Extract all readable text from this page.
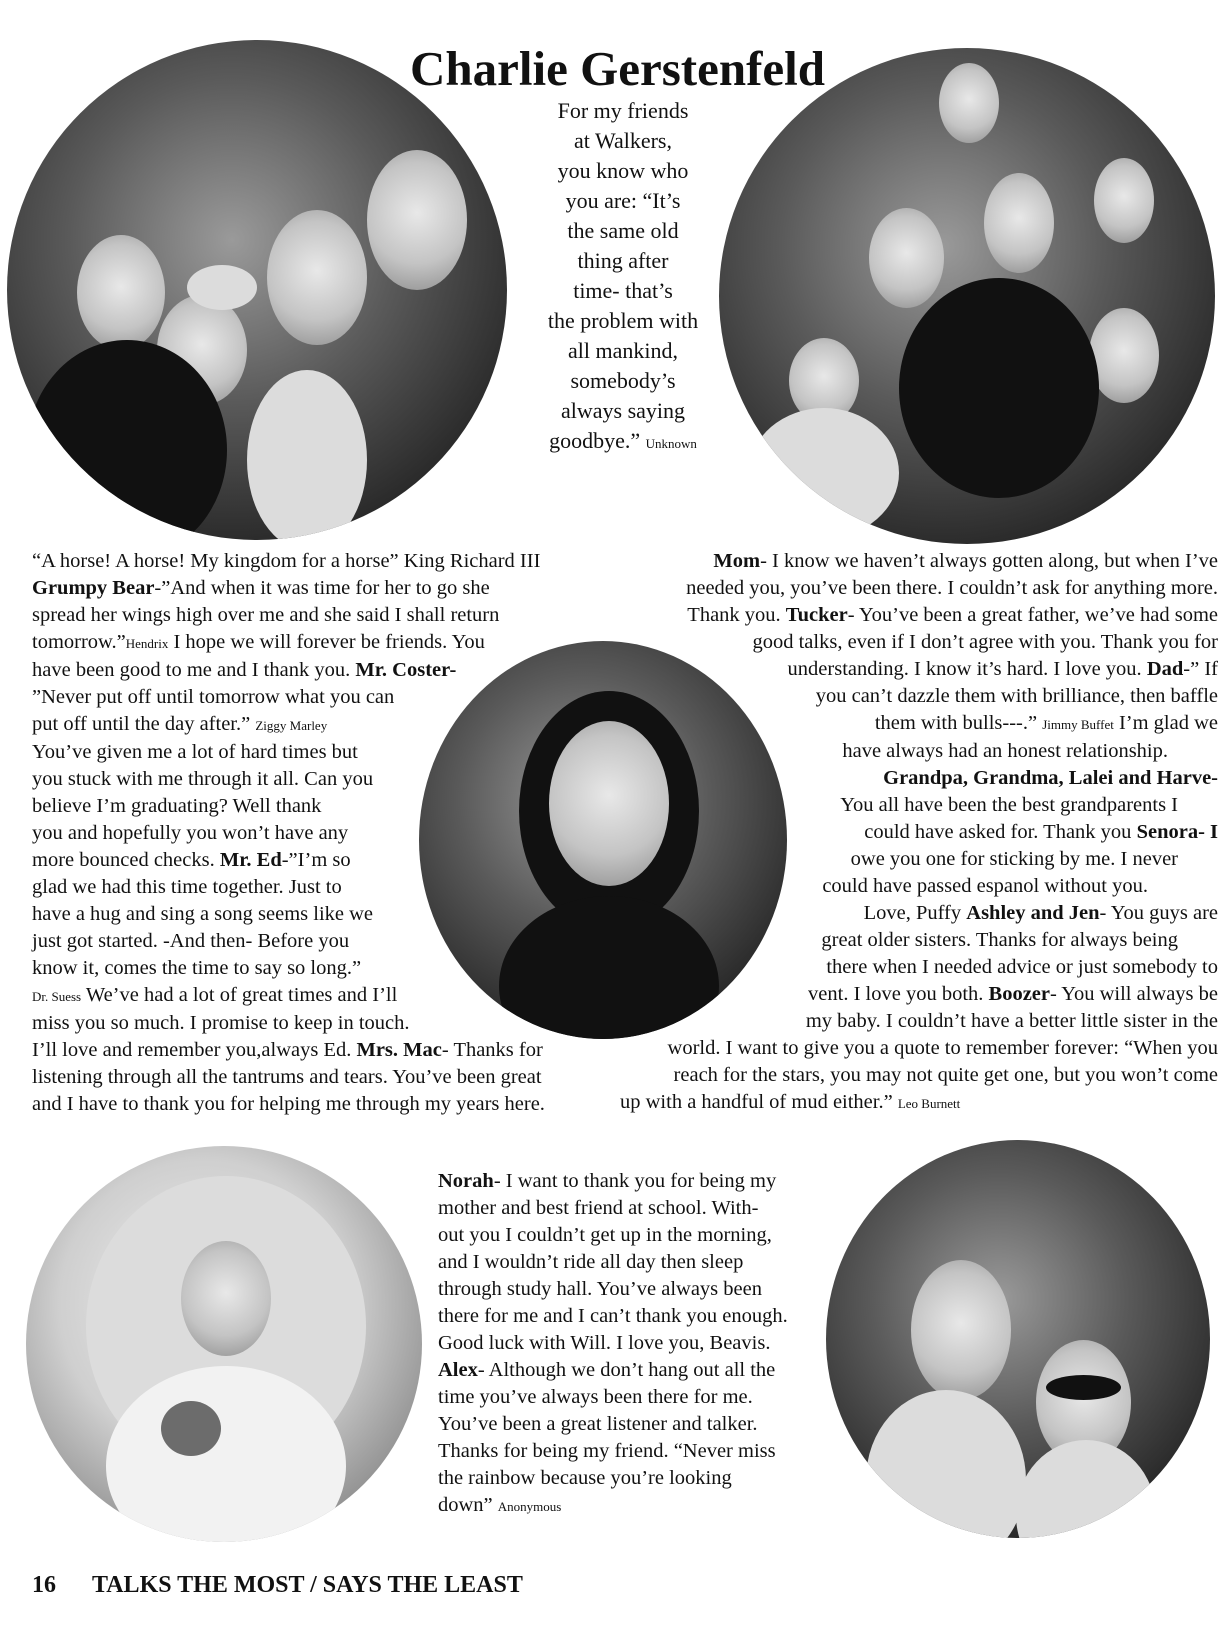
Charlie Gerstenfeld
For my friends
at Walkers,
you know who
you are: “It’s
the same old
thing after
time- that’s
the problem with
all mankind,
somebody’s
always saying
goodbye.” Unknown
“A horse! A horse! My kingdom for a horse” King Richard III
Grumpy Bear-”And when it was time for her to go she
spread her wings high over me and she said I shall return
tomorrow.”Hendrix I hope we will forever be friends. You
have been good to me and I thank you. Mr. Coster-
”Never put off until tomorrow what you can
put off until the day after.” Ziggy Marley
You’ve given me a lot of hard times but
you stuck with me through it all. Can you
believe I’m graduating? Well thank
you and hopefully you won’t have any
more bounced checks. Mr. Ed-”I’m so
glad we had this time together. Just to
have a hug and sing a song seems like we
just got started. -And then- Before you
know it, comes the time to say so long.”
Dr. Suess We’ve had a lot of great times and I’ll
miss you so much. I promise to keep in touch.
I’ll love and remember you,always Ed. Mrs. Mac- Thanks for
listening through all the tantrums and tears. You’ve been great
and I have to thank you for helping me through my years here.
Mom- I know we haven’t always gotten along, but when I’ve
needed you, you’ve been there. I couldn’t ask for anything more.
Thank you. Tucker- You’ve been a great father, we’ve had some
good talks, even if I don’t agree with you. Thank you for
understanding. I know it’s hard. I love you. Dad-” If
you can’t dazzle them with brilliance, then baffle
them with bulls---.” Jimmy Buffet I’m glad we
have always had an honest relationship.
Grandpa, Grandma, Lalei and Harve-
You all have been the best grandparents I
could have asked for. Thank you Senora- I
owe you one for sticking by me. I never
could have passed espanol without you.
Love, Puffy Ashley and Jen- You guys are
great older sisters. Thanks for always being
there when I needed advice or just somebody to
vent. I love you both. Boozer- You will always be
my baby. I couldn’t have a better little sister in the
world. I want to give you a quote to remember forever: “When you
reach for the stars, you may not quite get one, but you won’t come
up with a handful of mud either.” Leo Burnett
Norah- I want to thank you for being my
mother and best friend at school. With-
out you I couldn’t get up in the morning,
and I wouldn’t ride all day then sleep
through study hall. You’ve always been
there for me and I can’t thank you enough.
Good luck with Will. I love you, Beavis.
Alex- Although we don’t hang out all the
time you’ve always been there for me.
You’ve been a great listener and talker.
Thanks for being my friend. “Never miss
the rainbow because you’re looking
down” Anonymous
16 TALKS THE MOST / SAYS THE LEAST
